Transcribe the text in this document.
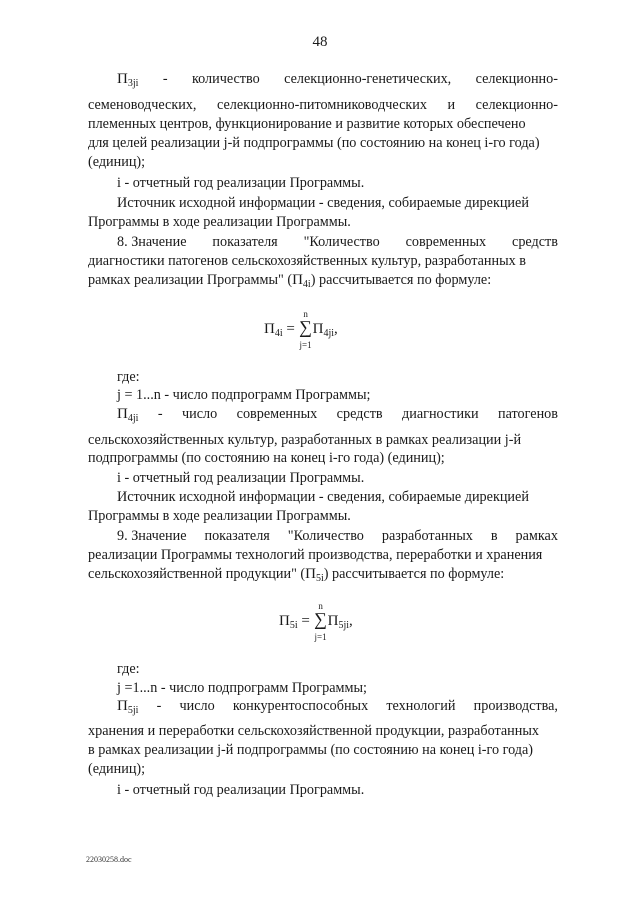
48
$П_{3ji}$ - количество селекционно-генетических, селекционно-
семеноводческих, селекционно-питомниководческих и селекционно-
племенных центров, функционирование и развитие которых обеспечено
для целей реализации j-й подпрограммы (по состоянию на конец i-го года)
(единиц);
i - отчетный год реализации Программы.
Источник исходной информации - сведения, собираемые дирекцией
Программы в ходе реализации Программы.
8. Значение показателя "Количество современных средств
диагностики патогенов сельскохозяйственных культур, разработанных в
рамках реализации Программы" $(П_{4i})$ рассчитывается по формуле:
$П_{4i}$ =
n
∑
j=1
$П_{4ji}$,
где:
j = 1...n - число подпрограмм Программы;
$П_{4ji}$ - число современных средств диагностики патогенов
сельскохозяйственных культур, разработанных в рамках реализации j-й
подпрограммы (по состоянию на конец i-го года) (единиц);
i - отчетный год реализации Программы.
Источник исходной информации - сведения, собираемые дирекцией
Программы в ходе реализации Программы.
9. Значение показателя "Количество разработанных в рамках
реализации Программы технологий производства, переработки и хранения
сельскохозяйственной продукции" $(П_{5i})$ рассчитывается по формуле:
$П_{5i}$ =
n
∑
j=1
$П_{5ji}$,
где:
j =1...n - число подпрограмм Программы;
$П_{5ji}$ - число конкурентоспособных технологий производства,
хранения и переработки сельскохозяйственной продукции, разработанных
в рамках реализации j-й подпрограммы (по состоянию на конец i-го года)
(единиц);
i - отчетный год реализации Программы.
22030258.doc
